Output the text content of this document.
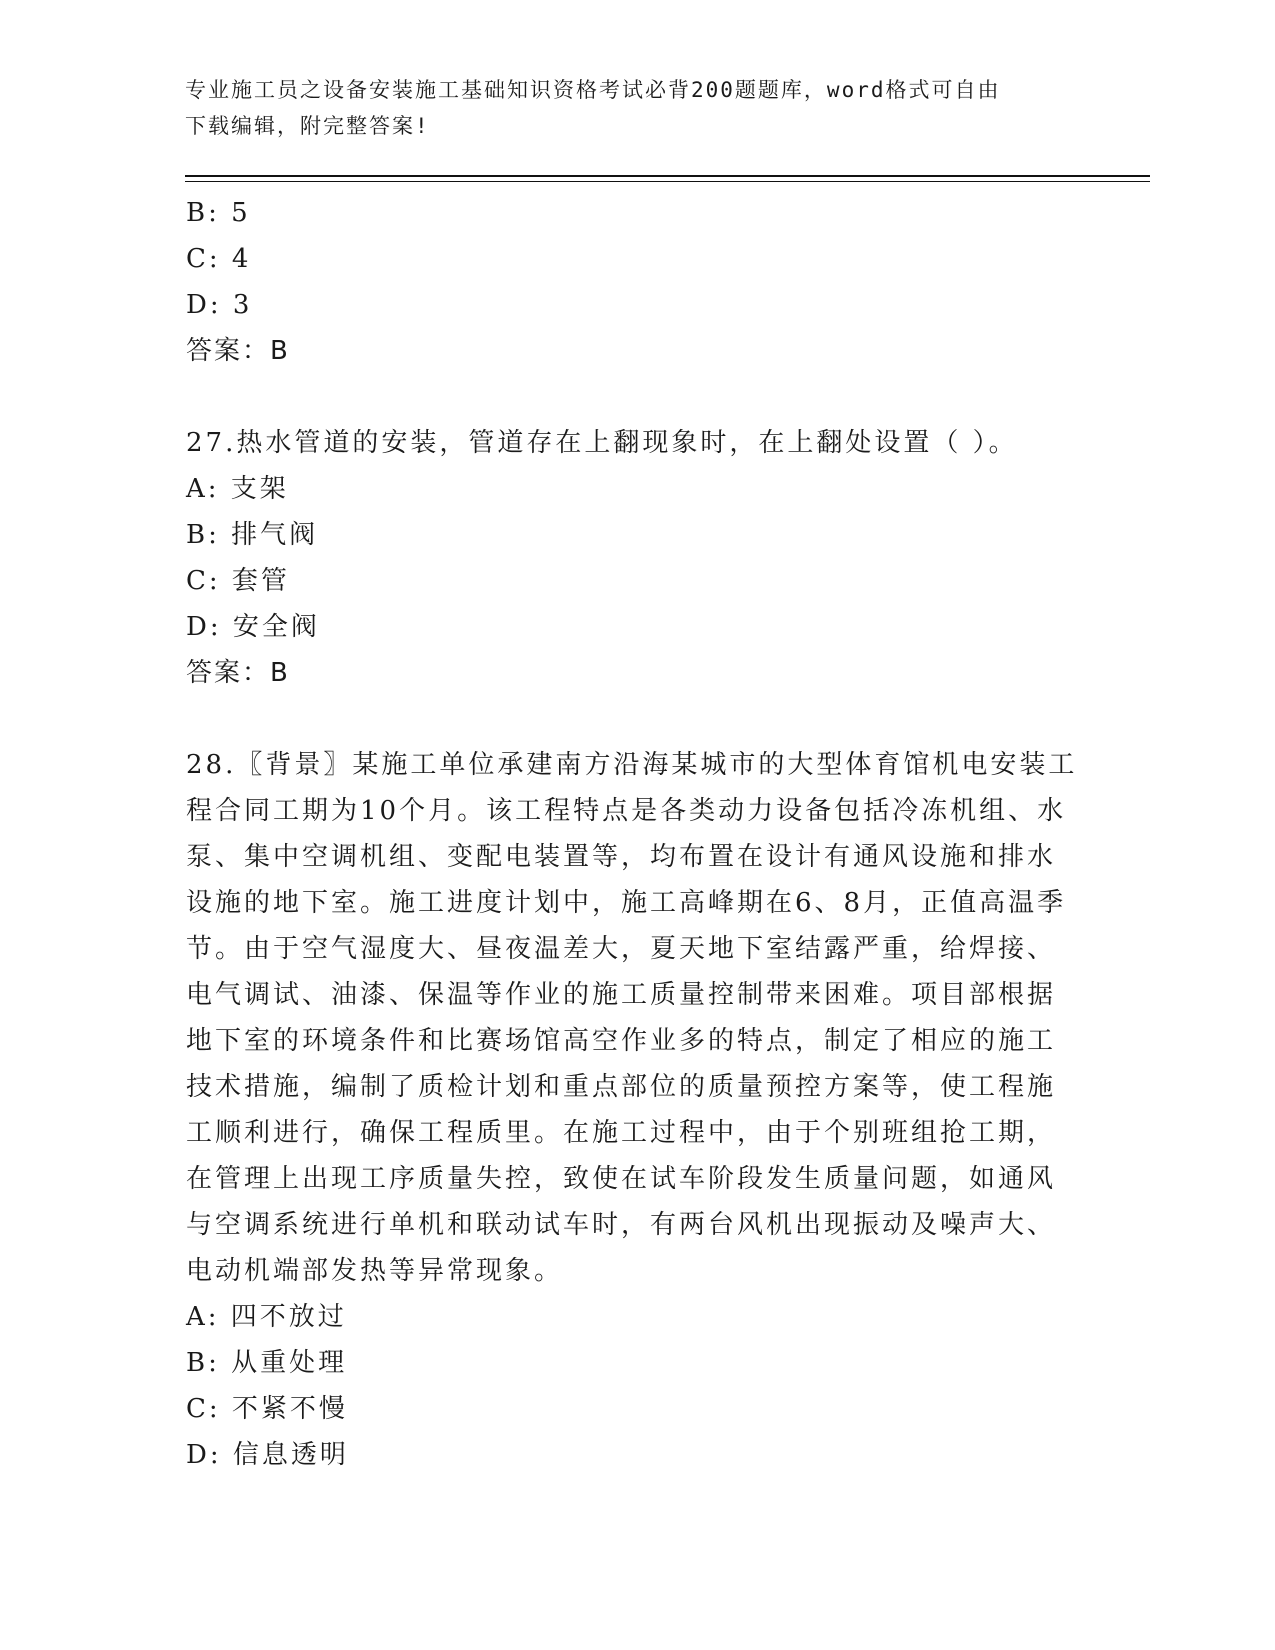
专业施工员之设备安装施工基础知识资格考试必背200题题库，word格式可自由
下载编辑，附完整答案!
B: 5
C: 4
D: 3
答案：B
27.热水管道的安装，管道存在上翻现象时，在上翻处设置（ ）。
A: 支架
B: 排气阀
C: 套管
D: 安全阀
答案：B
28.〖背景〗某施工单位承建南方沿海某城市的大型体育馆机电安装工
程合同工期为10个月。该工程特点是各类动力设备包括冷冻机组、水
泵、集中空调机组、变配电装置等，均布置在设计有通风设施和排水
设施的地下室。施工进度计划中，施工高峰期在6、8月，正值高温季
节。由于空气湿度大、昼夜温差大，夏天地下室结露严重，给焊接、
电气调试、油漆、保温等作业的施工质量控制带来困难。项目部根据
地下室的环境条件和比赛场馆高空作业多的特点，制定了相应的施工
技术措施，编制了质检计划和重点部位的质量预控方案等，使工程施
工顺利进行，确保工程质里。在施工过程中，由于个别班组抢工期，
在管理上出现工序质量失控，致使在试车阶段发生质量问题，如通风
与空调系统进行单机和联动试车时，有两台风机出现振动及噪声大、
电动机端部发热等异常现象。
A: 四不放过
B: 从重处理
C: 不紧不慢
D: 信息透明
